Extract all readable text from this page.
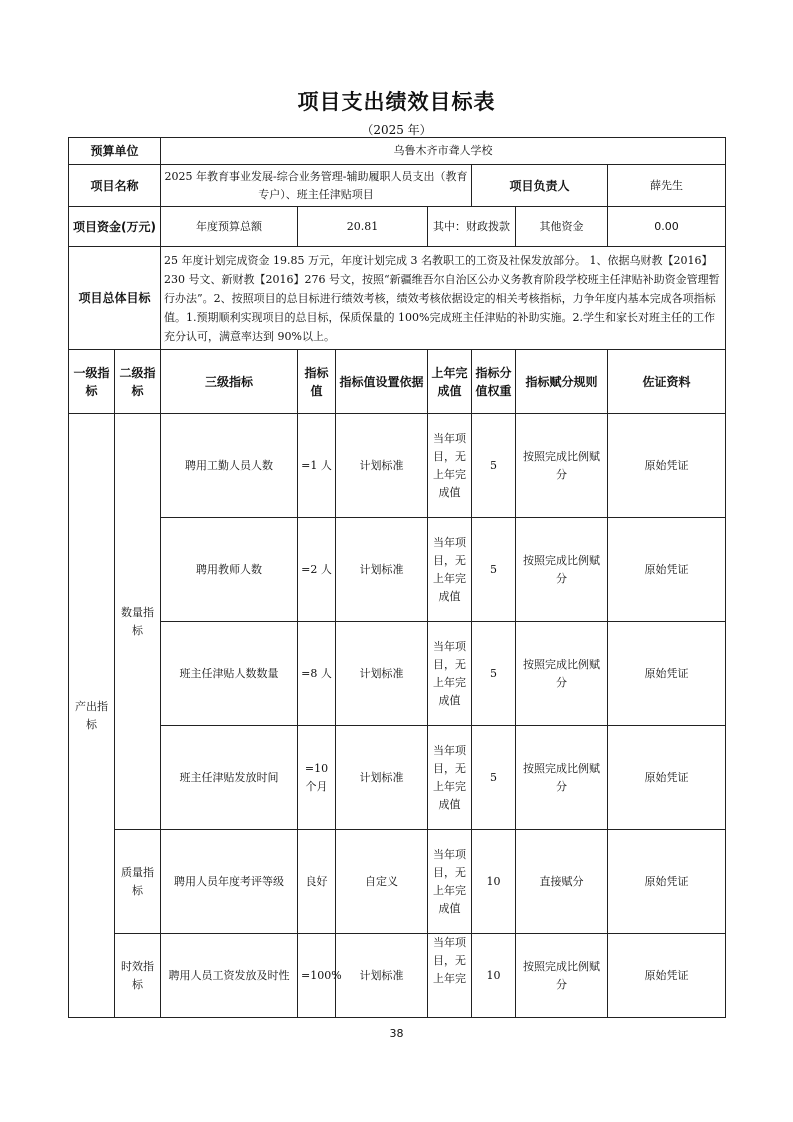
项目支出绩效目标表
（2025 年）
预算单位		乌鲁木齐市聋人学校						
项目名称		2025 年教育事业发展-综合业务管理-辅助履职人员支出（教育专户）、班主任津贴项目				项目负责人		薛先生
项目资金(万元)		年度预算总额	20.81		其中：财政拨款		其他资金	0.00
项目总体目标		25 年度计划完成资金 19.85 万元，年度计划完成 3 名教职工的工资及社保发放部分。 1、依据乌财教【2016】230 号文、新财教【2016】276 号文，按照“新疆维吾尔自治区公办义务教育阶段学校班主任津贴补助资金管理暂行办法”。2、按照项目的总目标进行绩效考核，绩效考核依据设定的相关考核指标，力争年度内基本完成各项指标值。1.预期顺利实现项目的总目标，保质保量的 100%完成班主任津贴的补助实施。2.学生和家长对班主任的工作充分认可，满意率达到 90%以上。						
一级指标	二级指标	三级指标	指标值	指标值设置依据	上年完成值	指标分值权重	指标赋分规则	佐证资料
产出指标	数量指标	聘用工勤人员人数	=1 人	计划标准	当年项目，无上年完成值	5	按照完成比例赋分	原始凭证
		聘用教师人数	=2 人	计划标准	当年项目，无上年完成值	5	按照完成比例赋分	原始凭证
		班主任津贴人数数量	=8 人	计划标准	当年项目，无上年完成值	5	按照完成比例赋分	原始凭证
		班主任津贴发放时间	=10 个月	计划标准	当年项目，无上年完成值	5	按照完成比例赋分	原始凭证
	质量指标	聘用人员年度考评等级	良好	自定义	当年项目，无上年完成值	10	直接赋分	原始凭证
	时效指标	聘用人员工资发放及时性	=100%	计划标准	当年项目，无上年完	10	按照完成比例赋分	原始凭证
38
